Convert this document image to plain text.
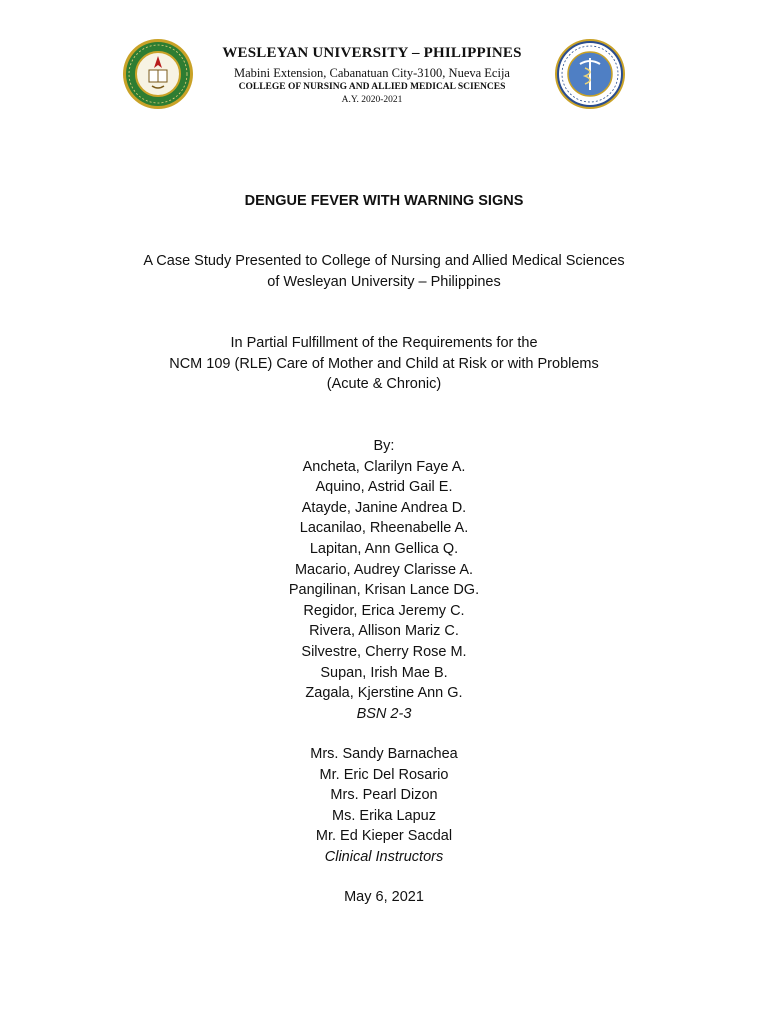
WESLEYAN UNIVERSITY – PHILIPPINES
Mabini Extension, Cabanatuan City-3100, Nueva Ecija
COLLEGE OF NURSING AND ALLIED MEDICAL SCIENCES
A.Y. 2020-2021
DENGUE FEVER WITH WARNING SIGNS
A Case Study Presented to College of Nursing and Allied Medical Sciences
of Wesleyan University – Philippines
In Partial Fulfillment of the Requirements for the
NCM 109 (RLE) Care of Mother and Child at Risk or with Problems
(Acute & Chronic)
By:
Ancheta, Clarilyn Faye A.
Aquino, Astrid Gail E.
Atayde, Janine Andrea D.
Lacanilao, Rheenabelle A.
Lapitan, Ann Gellica Q.
Macario, Audrey Clarisse A.
Pangilinan, Krisan Lance DG.
Regidor, Erica Jeremy C.
Rivera, Allison Mariz C.
Silvestre, Cherry Rose M.
Supan, Irish Mae B.
Zagala, Kjerstine Ann G.
BSN 2-3
Mrs. Sandy Barnachea
Mr. Eric Del Rosario
Mrs. Pearl Dizon
Ms. Erika Lapuz
Mr. Ed Kieper Sacdal
Clinical Instructors
May 6, 2021
